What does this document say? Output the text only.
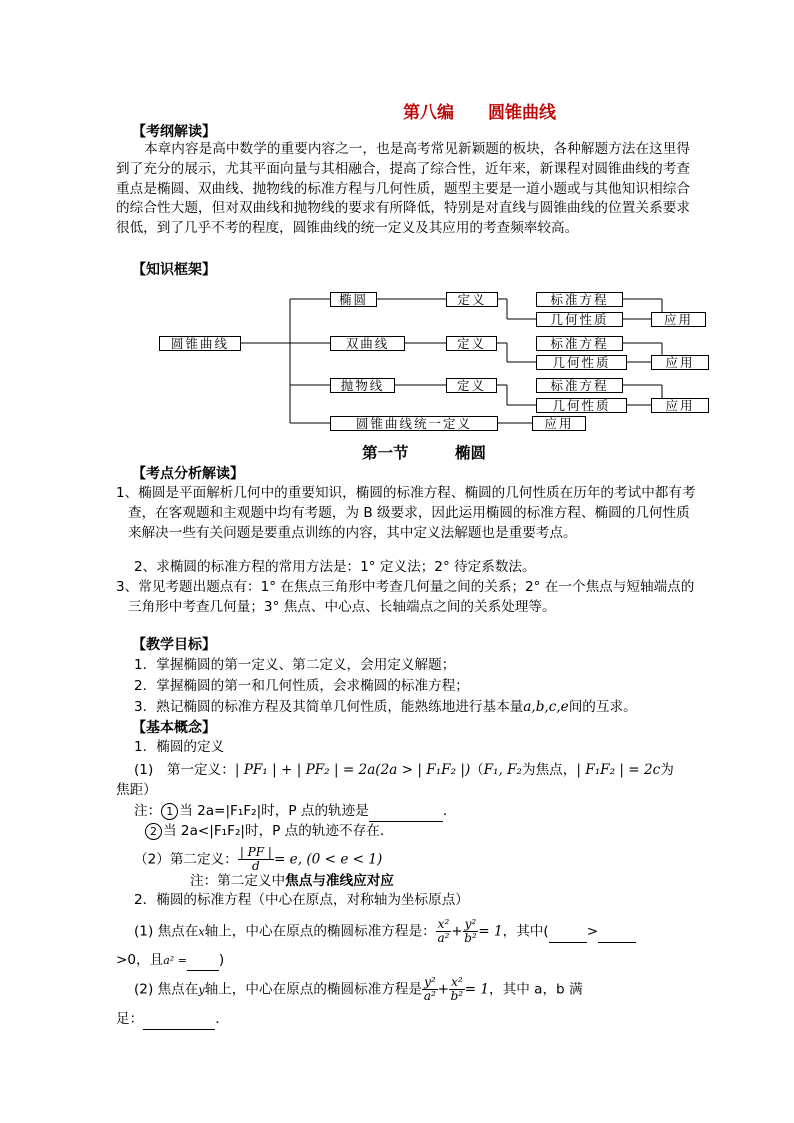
第八编　　圆锥曲线
【考纲解读】
本章内容是高中数学的重要内容之一，也是高考常见新颖题的板块，各种解题方法在这里得到了充分的展示，尤其平面向量与其相融合，提高了综合性，近年来，新课程对圆锥曲线的考查重点是椭圆、双曲线、抛物线的标准方程与几何性质，题型主要是一道小题或与其他知识相综合的综合性大题，但对双曲线和抛物线的要求有所降低，特别是对直线与圆锥曲线的位置关系要求很低，到了几乎不考的程度，圆锥曲线的统一定义及其应用的考查频率较高。
【知识框架】
圆锥曲线
椭圆
双曲线
抛物线
圆锥曲线统一定义
定义
定义
定义
标准方程
几何性质	应用
标准方程
几何性质	应用
标准方程
几何性质	应用
应用
第一节　　　椭圆
【考点分析解读】
1、椭圆是平面解析几何中的重要知识，椭圆的标准方程、椭圆的几何性质在历年的考试中都有考查，在客观题和主观题中均有考题，为 B 级要求，因此运用椭圆的标准方程、椭圆的几何性质来解决一些有关问题是要重点训练的内容，其中定义法解题也是重要考点。
2、求椭圆的标准方程的常用方法是：1° 定义法；2° 待定系数法。
3、常见考题出题点有：1° 在焦点三角形中考查几何量之间的关系；2° 在一个焦点与短轴端点的三角形中考查几何量；3° 焦点、中心点、长轴端点之间的关系处理等。
【教学目标】
1．掌握椭圆的第一定义、第二定义，会用定义解题；
2．掌握椭圆的第一和几何性质，会求椭圆的标准方程；
3．熟记椭圆的标准方程及其简单几何性质，能熟练地进行基本量a,b,c,e间的互求。
【基本概念】
1．椭圆的定义
(1)　第一定义：| PF₁ | + | PF₂ | = 2a(2a > | F₁F₂ |) （F₁, F₂为焦点，| F₁F₂ | = 2c为
焦距）
注： 1 当 2a=|F₁F₂|时，P 点的轨迹是	．
2 当 2a<|F₁F₂|时，P 点的轨迹不存在．
（2）第二定义： $\frac{| PF |}{d} = e$, (0 < e < 1)
注：第二定义中焦点与准线应对应
2．椭圆的标准方程（中心在原点，对称轴为坐标原点）
(1) 焦点在x轴上，中心在原点的椭圆标准方程是： $\frac{\text{x²}}{\text{a²}} + \frac{\text{y²}}{\text{b²}} = 1$，其中(	>
>0，且a² = )
(2) 焦点在y轴上，中心在原点的椭圆标准方程是 $\frac{\text{y²}}{\text{a²}} + \frac{\text{x²}}{\text{b²}} = 1$，其中 a，b 满
足：	．
